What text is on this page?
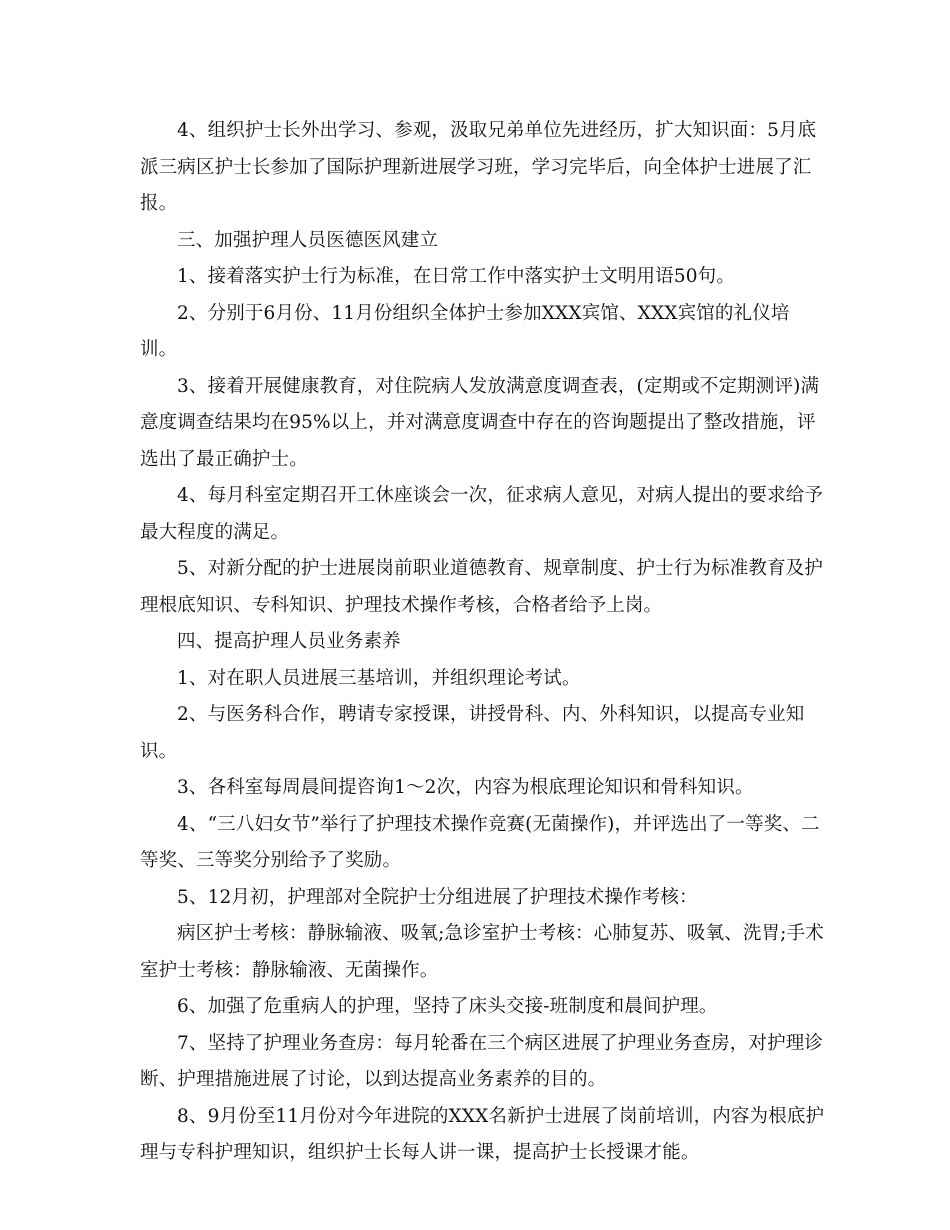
4、组织护士长外出学习、参观，汲取兄弟单位先进经历，扩大知识面：5月底派三病区护士长参加了国际护理新进展学习班，学习完毕后，向全体护士进展了汇报。

三、加强护理人员医德医风建立

1、接着落实护士行为标准，在日常工作中落实护士文明用语50句。

2、分别于6月份、11月份组织全体护士参加XXX宾馆、XXX宾馆的礼仪培训。

3、接着开展健康教育，对住院病人发放满意度调查表，(定期或不定期测评)满意度调查结果均在95%以上，并对满意度调查中存在的咨询题提出了整改措施，评选出了最正确护士。

4、每月科室定期召开工休座谈会一次，征求病人意见，对病人提出的要求给予最大程度的满足。

5、对新分配的护士进展岗前职业道德教育、规章制度、护士行为标准教育及护理根底知识、专科知识、护理技术操作考核，合格者给予上岗。

四、提高护理人员业务素养

1、对在职人员进展三基培训，并组织理论考试。

2、与医务科合作，聘请专家授课，讲授骨科、内、外科知识，以提高专业知识。

3、各科室每周晨间提咨询1～2次，内容为根底理论知识和骨科知识。

4、“三八妇女节”举行了护理技术操作竞赛(无菌操作)，并评选出了一等奖、二等奖、三等奖分别给予了奖励。

5、12月初，护理部对全院护士分组进展了护理技术操作考核：

病区护士考核：静脉输液、吸氧;急诊室护士考核：心肺复苏、吸氧、洗胃;手术室护士考核：静脉输液、无菌操作。

6、加强了危重病人的护理，坚持了床头交接-班制度和晨间护理。

7、坚持了护理业务查房：每月轮番在三个病区进展了护理业务查房，对护理诊断、护理措施进展了讨论，以到达提高业务素养的目的。

8、9月份至11月份对今年进院的XXX名新护士进展了岗前培训，内容为根底护理与专科护理知识，组织护士长每人讲一课，提高护士长授课才能。
